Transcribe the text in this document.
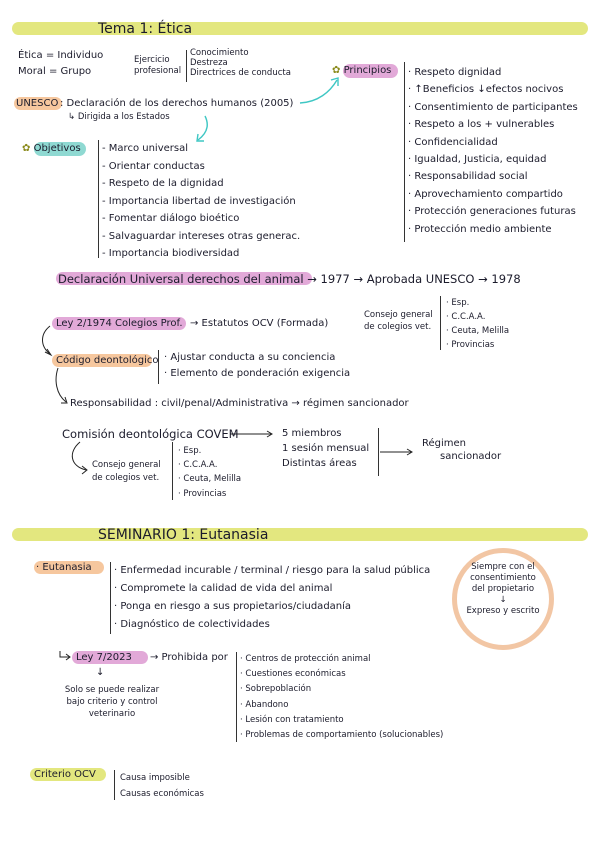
Tema 1: Ética
Ética = Individuo
Moral = Grupo
Ejercicio
profesional
Conocimiento
Destreza
Directrices de conducta
UNESCO : Declaración de los derechos humanos (2005)
↳ Dirigida a los Estados
✿ Principios · Respeto dignidad
· ↑Beneficios ↓efectos nocivos
· Consentimiento de participantes
· Respeto a los + vulnerables
· Confidencialidad
· Igualdad, Justicia, equidad
· Responsabilidad social
· Aprovechamiento compartido
· Protección generaciones futuras
· Protección medio ambiente
✿ Objetivos - Marco universal
- Orientar conductas
- Respeto de la dignidad
- Importancia libertad de investigación
- Fomentar diálogo bioético
- Salvaguardar intereses otras generac.
- Importancia biodiversidad
Declaración Universal derechos del animal → 1977 → Aprobada UNESCO → 1978
Ley 2/1974 Colegios Prof. → Estatutos OCV (Formada)
Consejo general
de colegios vet.
· Esp.
· C.C.A.A.
· Ceuta, Melilla
· Provincias
Código deontológico · Ajustar conducta a su conciencia
· Elemento de ponderación exigencia
Responsabilidad : civil/penal/Administrativa → régimen sancionador
Comisión deontológica COVEM	5 miembros
1 sesión mensual
Distintas áreas
Régimen
sancionador
Consejo general
de colegios vet.
· Esp.
· C.C.A.A.
· Ceuta, Melilla
· Provincias
SEMINARIO 1: Eutanasia
· Eutanasia · Enfermedad incurable / terminal / riesgo para la salud pública
· Compromete la calidad de vida del animal
· Ponga en riesgo a sus propietarios/ciudadanía
· Diagnóstico de colectividades
Siempre con el
consentimiento
del propietario
↓
Expreso y escrito
Ley 7/2023 → Prohibida por · Centros de protección animal
· Cuestiones económicas
· Sobrepoblación
· Abandono
· Lesión con tratamiento
· Problemas de comportamiento (solucionables)
↓
Solo se puede realizar
bajo criterio y control
veterinario
Criterio OCV	Causa imposible
Causas económicas
